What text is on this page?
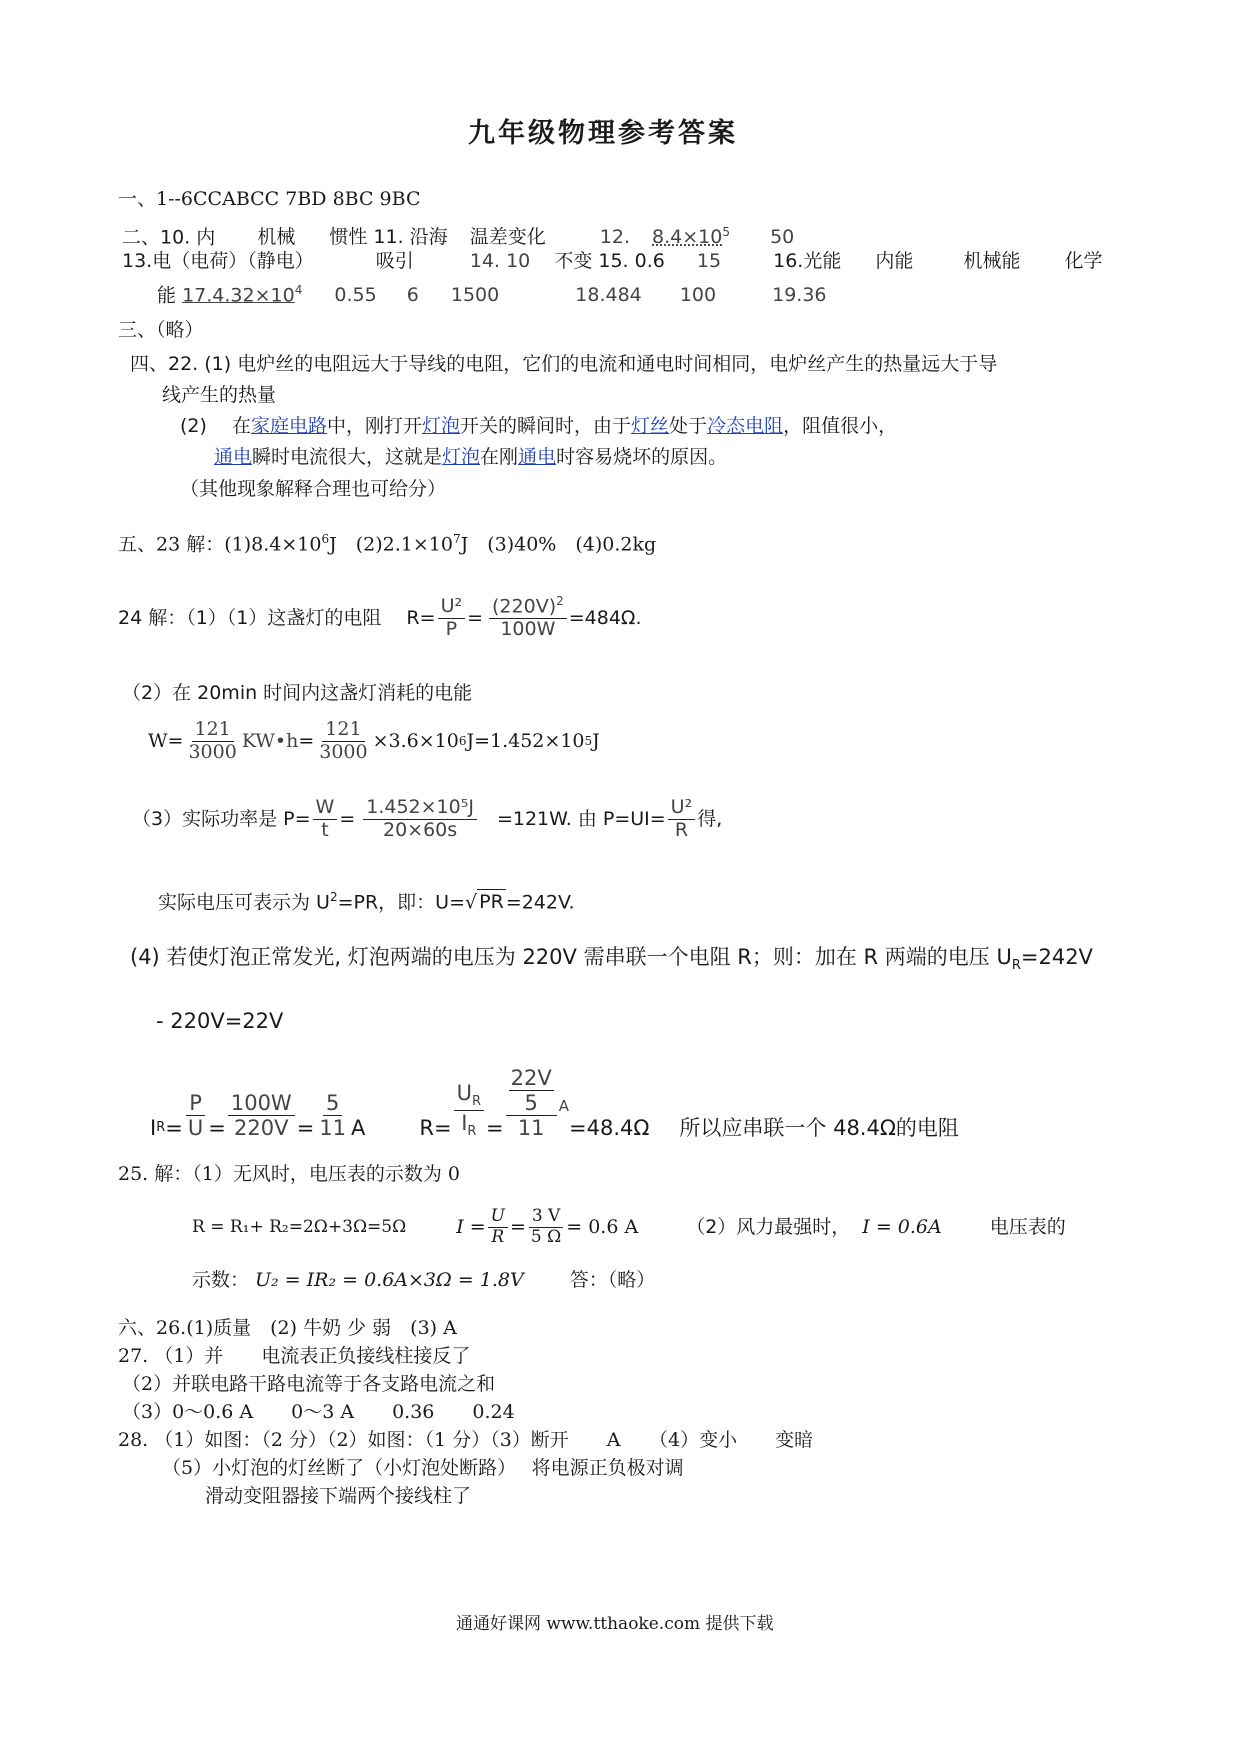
九年级物理参考答案
一、1--6CCABCC 7BD 8BC 9BC
二、10. 内 机械 惯性 11. 沿海 温差变化	12. $8.4\times 10^5$ 50
13.电（电荷）（静电）	吸引	14. 10 不变 15. 0.6 15	16.光能 内能	机械能 化学
能 $17.4.32\times 10^4$ 0.55 6 1500	18.484 100	19.36
三、（略）
四、22. (1) 电炉丝的电阻远大于导线的电阻，它们的电流和通电时间相同，电炉丝产生的热量远大于导
线产生的热量
(2)　 在家庭电路中，刚打开灯泡开关的瞬间时，由于灯丝处于冷态电阻，阻值很小，
通电瞬时电流很大，这就是灯泡在刚通电时容易烧坏的原因。
（其他现象解释合理也可给分）
五、23 解：$(1)8.4\times 10^6J$　$(2)2.1\times 10^7J$　(3)40%　(4)0.2kg
24 解：（1）（1）这盏灯的电阻　 $R= \frac{\text{U²}}{P} = \frac{(220V)^2}{100W} =484\Omega$.
（2）在 20min 时间内这盏灯消耗的电能
$W= \frac{121}{3000}$ KW•h = $\frac{121}{3000} \times 3.6\times 10$ 6 J=1.452×10 5 J
（3）实际功率是 $P= \frac{W}{t} = \frac{\text{1.452×10⁵J}}{20\times 60s} =121W$. 由 $P=UI= \frac{\text{U²}}{R}$ 得,
实际电压可表示为 $U^2=PR$，即：U=√ PR =242V.
(4) 若使灯泡正常发光, 灯泡两端的电压为 220V 需串联一个电阻 R；则：加在 R 两端的电压 $U_R=242V$
- 220V=22V
I $R = \frac{P}{U} = \frac{100W}{220V} = \frac{5}{11}$ A	$R= \frac{U_R}{I_R} = 22V$
5
11 A
=48.4Ω 所以应串联一个 48.4Ω的电阻
25. 解：（1）无风时，电压表的示数为 0
R = R₁+ R₂=2Ω+3Ω=5Ω	$I = \frac{U}{R} = \frac{3 V}{5 \Omega} = 0.6$ A	（2）风力最强时， I = 0.6A	电压表的
示数： U₂ = IR₂ = 0.6A×3Ω = 1.8V 答：（略）
六、26.(1)质量　(2) 牛奶 少 弱　(3) A
27. （1）并　　电流表正负接线柱接反了
（2）并联电路干路电流等于各支路电流之和
（3）0～0.6 A　　0～3 A　　0.36　　0.24
28. （1）如图：（2 分）（2）如图：（1 分）（3）断开　　A　　（4）变小　　变暗
（5）小灯泡的灯丝断了（小灯泡处断路）　 将电源正负极对调
滑动变阻器接下端两个接线柱了
通通好课网 www.tthaoke.com 提供下载
